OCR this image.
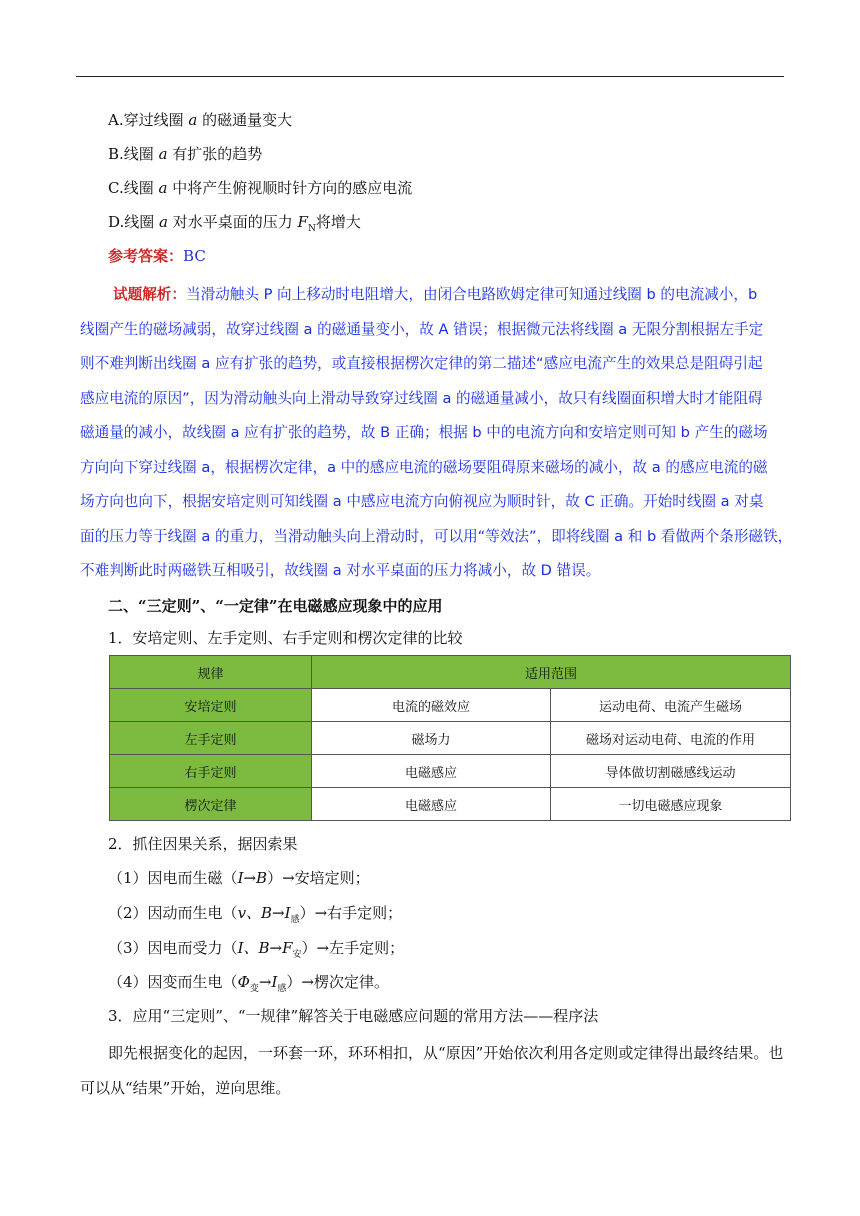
A.穿过线圈 a 的磁通量变大
B.线圈 a 有扩张的趋势
C.线圈 a 中将产生俯视顺时针方向的感应电流
D.线圈 a 对水平桌面的压力 $F_N$将增大
参考答案：BC
试题解析：当滑动触头 P 向上移动时电阻增大，由闭合电路欧姆定律可知通过线圈 b 的电流减小，b
线圈产生的磁场减弱，故穿过线圈 a 的磁通量变小，故 A 错误；根据微元法将线圈 a 无限分割根据左手定
则不难判断出线圈 a 应有扩张的趋势，或直接根据楞次定律的第二描述“感应电流产生的效果总是阻碍引起
感应电流的原因”，因为滑动触头向上滑动导致穿过线圈 a 的磁通量减小，故只有线圈面积增大时才能阻碍
磁通量的减小，故线圈 a 应有扩张的趋势，故 B 正确；根据 b 中的电流方向和安培定则可知 b 产生的磁场
方向向下穿过线圈 a，根据楞次定律，a 中的感应电流的磁场要阻碍原来磁场的减小，故 a 的感应电流的磁
场方向也向下，根据安培定则可知线圈 a 中感应电流方向俯视应为顺时针，故 C 正确。开始时线圈 a 对桌
面的压力等于线圈 a 的重力，当滑动触头向上滑动时，可以用“等效法”，即将线圈 a 和 b 看做两个条形磁铁，
不难判断此时两磁铁互相吸引，故线圈 a 对水平桌面的压力将减小，故 D 错误。
二、“三定则”、“一定律”在电磁感应现象中的应用
1．安培定则、左手定则、右手定则和楞次定律的比较
规律	适用范围	
安培定则	电流的磁效应	运动电荷、电流产生磁场
左手定则	磁场力	磁场对运动电荷、电流的作用
右手定则	电磁感应	导体做切割磁感线运动
楞次定律	电磁感应	一切电磁感应现象
2．抓住因果关系，据因索果
（1）因电而生磁（I→B）→安培定则；
（2）因动而生电（v、$B\to I_感)\to$右手定则；
（3）因电而受力（I、$B\to F_安)\to$左手定则；
（4）因变而生电$(\Phi_变\to I_感)\to$楞次定律。
3．应用“三定则”、“一规律”解答关于电磁感应问题的常用方法——程序法
即先根据变化的起因，一环套一环，环环相扣，从“原因”开始依次利用各定则或定律得出最终结果。也
可以从“结果”开始，逆向思维。
